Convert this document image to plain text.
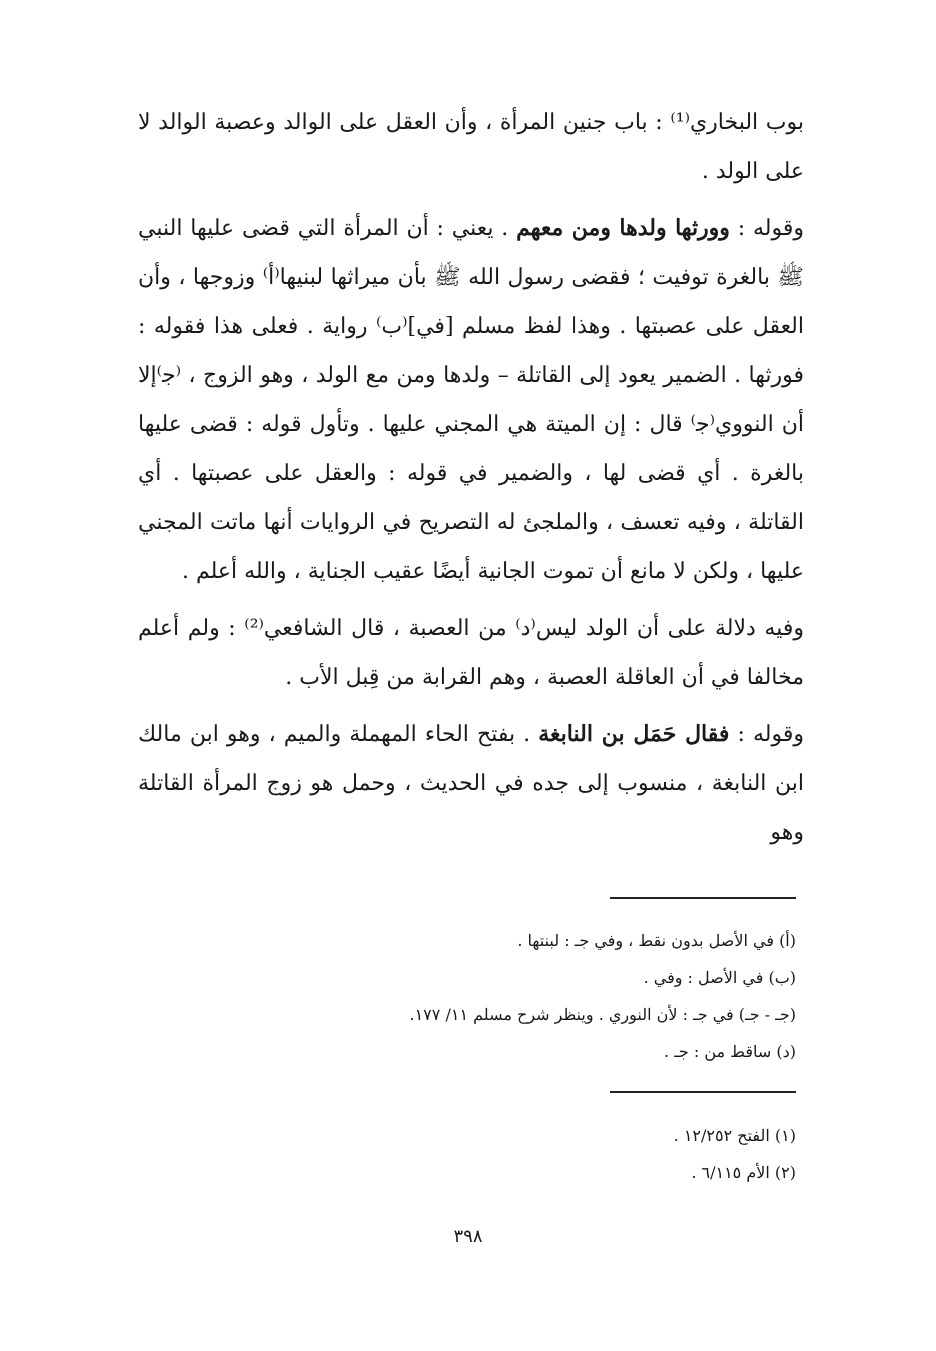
بوب البخاري⁽¹⁾ : باب جنين المرأة ، وأن العقل على الوالد وعصبة الوالد لا على الولد .

وقوله : وورثها ولدها ومن معهم . يعني : أن المرأة التي قضى عليها النبي ﷺ بالغرة توفيت ؛ فقضى رسول الله ﷺ بأن ميراثها لبنيها⁽أ⁾ وزوجها ، وأن العقل على عصبتها . وهذا لفظ مسلم [في]⁽ب⁾ رواية . فعلى هذا فقوله : فورثها . الضمير يعود إلى القاتلة – ولدها ومن مع الولد ، وهو الزوج ، ⁽ﺟ⁾إلا أن النووي⁽ﺟ⁾ قال : إن الميتة هي المجني عليها . وتأول قوله : قضى عليها بالغرة . أي قضى لها ، والضمير في قوله : والعقل على عصبتها . أي القاتلة ، وفيه تعسف ، والملجئ له التصريح في الروايات أنها ماتت المجني عليها ، ولكن لا مانع أن تموت الجانية أيضًا عقيب الجناية ، والله أعلم .

وفيه دلالة على أن الولد ليس⁽د⁾ من العصبة ، قال الشافعي⁽²⁾ : ولم أعلم مخالفا في أن العاقلة العصبة ، وهم القرابة من قِبل الأب .

وقوله : فقال حَمَل بن النابغة . بفتح الحاء المهملة والميم ، وهو ابن مالك ابن النابغة ، منسوب إلى جده في الحديث ، وحمل هو زوج المرأة القاتلة وهو

(أ) في الأصل بدون نقط ، وفي جـ : لبنتها .
(ب) في الأصل : وفي .
(جـ - جـ) في جـ : لأن النوري . وينظر شرح مسلم ١١/ ١٧٧.
(د) ساقط من : جـ .
(١) الفتح ١٢/٢٥٢ .
(٢) الأم ٦/١١٥ .
٣٩٨
